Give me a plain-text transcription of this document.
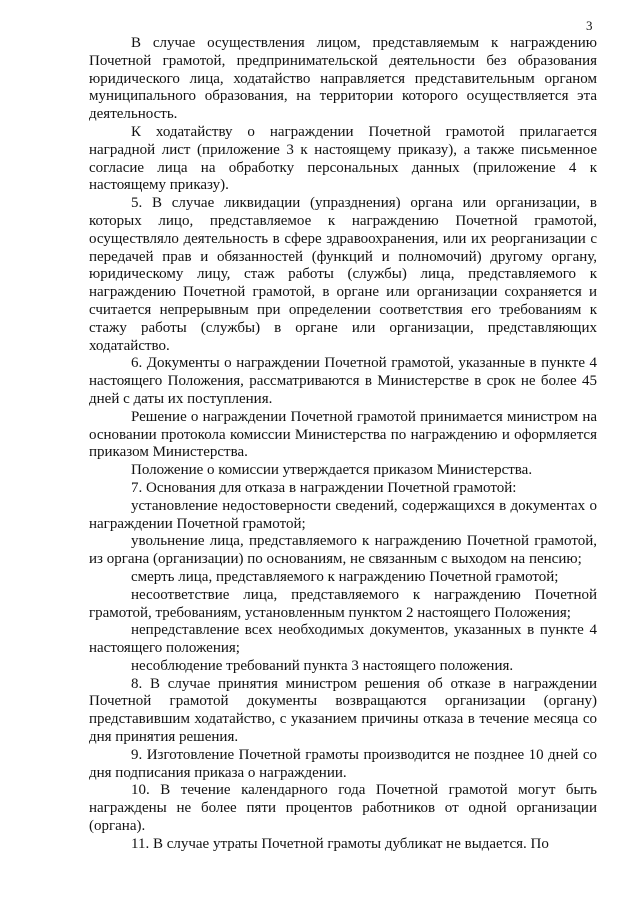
3

В случае осуществления лицом, представляемым к награждению Почетной грамотой, предпринимательской деятельности без образования юридического лица, ходатайство направляется представительным органом муниципального образования, на территории которого осуществляется эта деятельность.

К ходатайству о награждении Почетной грамотой прилагается наградной лист (приложение 3 к настоящему приказу), а также письменное согласие лица на обработку персональных данных (приложение 4 к настоящему приказу).

5. В случае ликвидации (упразднения) органа или организации, в которых лицо, представляемое к награждению Почетной грамотой, осуществляло деятельность в сфере здравоохранения, или их реорганизации с передачей прав и обязанностей (функций и полномочий) другому органу, юридическому лицу, стаж работы (службы) лица, представляемого к награждению Почетной грамотой, в органе или организации сохраняется и считается непрерывным при определении соответствия его требованиям к стажу работы (службы) в органе или организации, представляющих ходатайство.

6. Документы о награждении Почетной грамотой, указанные в пункте 4 настоящего Положения, рассматриваются в Министерстве в срок не более 45 дней с даты их поступления.

Решение о награждении Почетной грамотой принимается министром на основании протокола комиссии Министерства по награждению и оформляется приказом Министерства.

Положение о комиссии утверждается приказом Министерства.

7. Основания для отказа в награждении Почетной грамотой:

установление недостоверности сведений, содержащихся в документах о награждении Почетной грамотой;

увольнение лица, представляемого к награждению Почетной грамотой, из органа (организации) по основаниям, не связанным с выходом на пенсию;

смерть лица, представляемого к награждению Почетной грамотой;

несоответствие лица, представляемого к награждению Почетной грамотой, требованиям, установленным пунктом 2 настоящего Положения;

непредставление всех необходимых документов, указанных в пункте 4 настоящего положения;

несоблюдение требований пункта 3 настоящего положения.

8. В случае принятия министром решения об отказе в награждении Почетной грамотой документы возвращаются организации (органу) представившим ходатайство, с указанием причины отказа в течение месяца со дня принятия решения.

9. Изготовление Почетной грамоты производится не позднее 10 дней со дня подписания приказа о награждении.

10. В течение календарного года Почетной грамотой могут быть награждены не более пяти процентов работников от одной организации (органа).

11. В случае утраты Почетной грамоты дубликат не выдается. По
